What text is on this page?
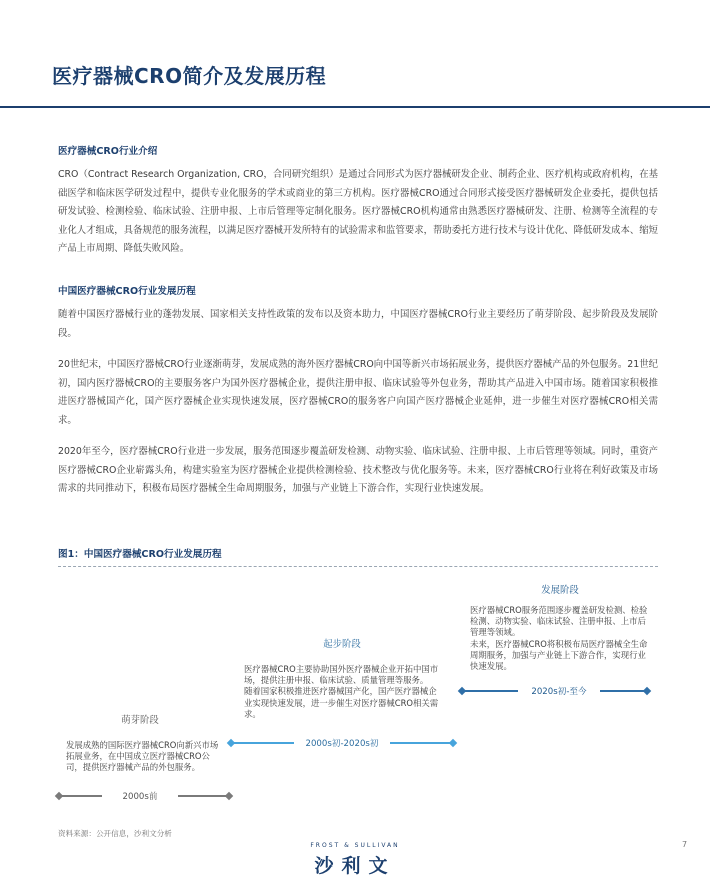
医疗器械CRO简介及发展历程
医疗器械CRO行业介绍
CRO（Contract Research Organization, CRO，合同研究组织）是通过合同形式为医疗器械研发企业、制药企业、医疗机构或政府机构，在基础医学和临床医学研发过程中，提供专业化服务的学术或商业的第三方机构。医疗器械CRO通过合同形式接受医疗器械研发企业委托，提供包括研发试验、检测检验、临床试验、注册申报、上市后管理等定制化服务。医疗器械CRO机构通常由熟悉医疗器械研发、注册、检测等全流程的专业化人才组成，具备规范的服务流程，以满足医疗器械开发所特有的试验需求和监管要求，帮助委托方进行技术与设计优化、降低研发成本、缩短产品上市周期、降低失败风险。
中国医疗器械CRO行业发展历程
随着中国医疗器械行业的蓬勃发展、国家相关支持性政策的发布以及资本助力，中国医疗器械CRO行业主要经历了萌芽阶段、起步阶段及发展阶段。
20世纪末，中国医疗器械CRO行业逐渐萌芽，发展成熟的海外医疗器械CRO向中国等新兴市场拓展业务，提供医疗器械产品的外包服务。21世纪初，国内医疗器械CRO的主要服务客户为国外医疗器械企业，提供注册申报、临床试验等外包业务，帮助其产品进入中国市场。随着国家积极推进医疗器械国产化，国产医疗器械企业实现快速发展，医疗器械CRO的服务客户向国产医疗器械企业延伸，进一步催生对医疗器械CRO相关需求。
2020年至今，医疗器械CRO行业进一步发展，服务范围逐步覆盖研发检测、动物实验、临床试验、注册申报、上市后管理等领域。同时，重资产医疗器械CRO企业崭露头角，构建实验室为医疗器械企业提供检测检验、技术整改与优化服务等。未来，医疗器械CRO行业将在利好政策及市场需求的共同推动下，积极布局医疗器械全生命周期服务，加强与产业链上下游合作，实现行业快速发展。
图1：中国医疗器械CRO行业发展历程
萌芽阶段
发展成熟的国际医疗器械CRO向新兴市场拓展业务，在中国成立医疗器械CRO公司，提供医疗器械产品的外包服务。
2000s前
起步阶段
医疗器械CRO主要协助国外医疗器械企业开拓中国市场，提供注册申报、临床试验、质量管理等服务。
随着国家积极推进医疗器械国产化，国产医疗器械企业实现快速发展，进一步催生对医疗器械CRO相关需求。
2000s初-2020s初
发展阶段
医疗器械CRO服务范围逐步覆盖研发检测、检验检测、动物实验、临床试验、注册申报、上市后管理等领域。
未来，医疗器械CRO将积极布局医疗器械全生命周期服务，加强与产业链上下游合作，实现行业快速发展。
2020s初-至今
资料来源：公开信息，沙利文分析
FROST & SULLIVAN
沙利文
7
